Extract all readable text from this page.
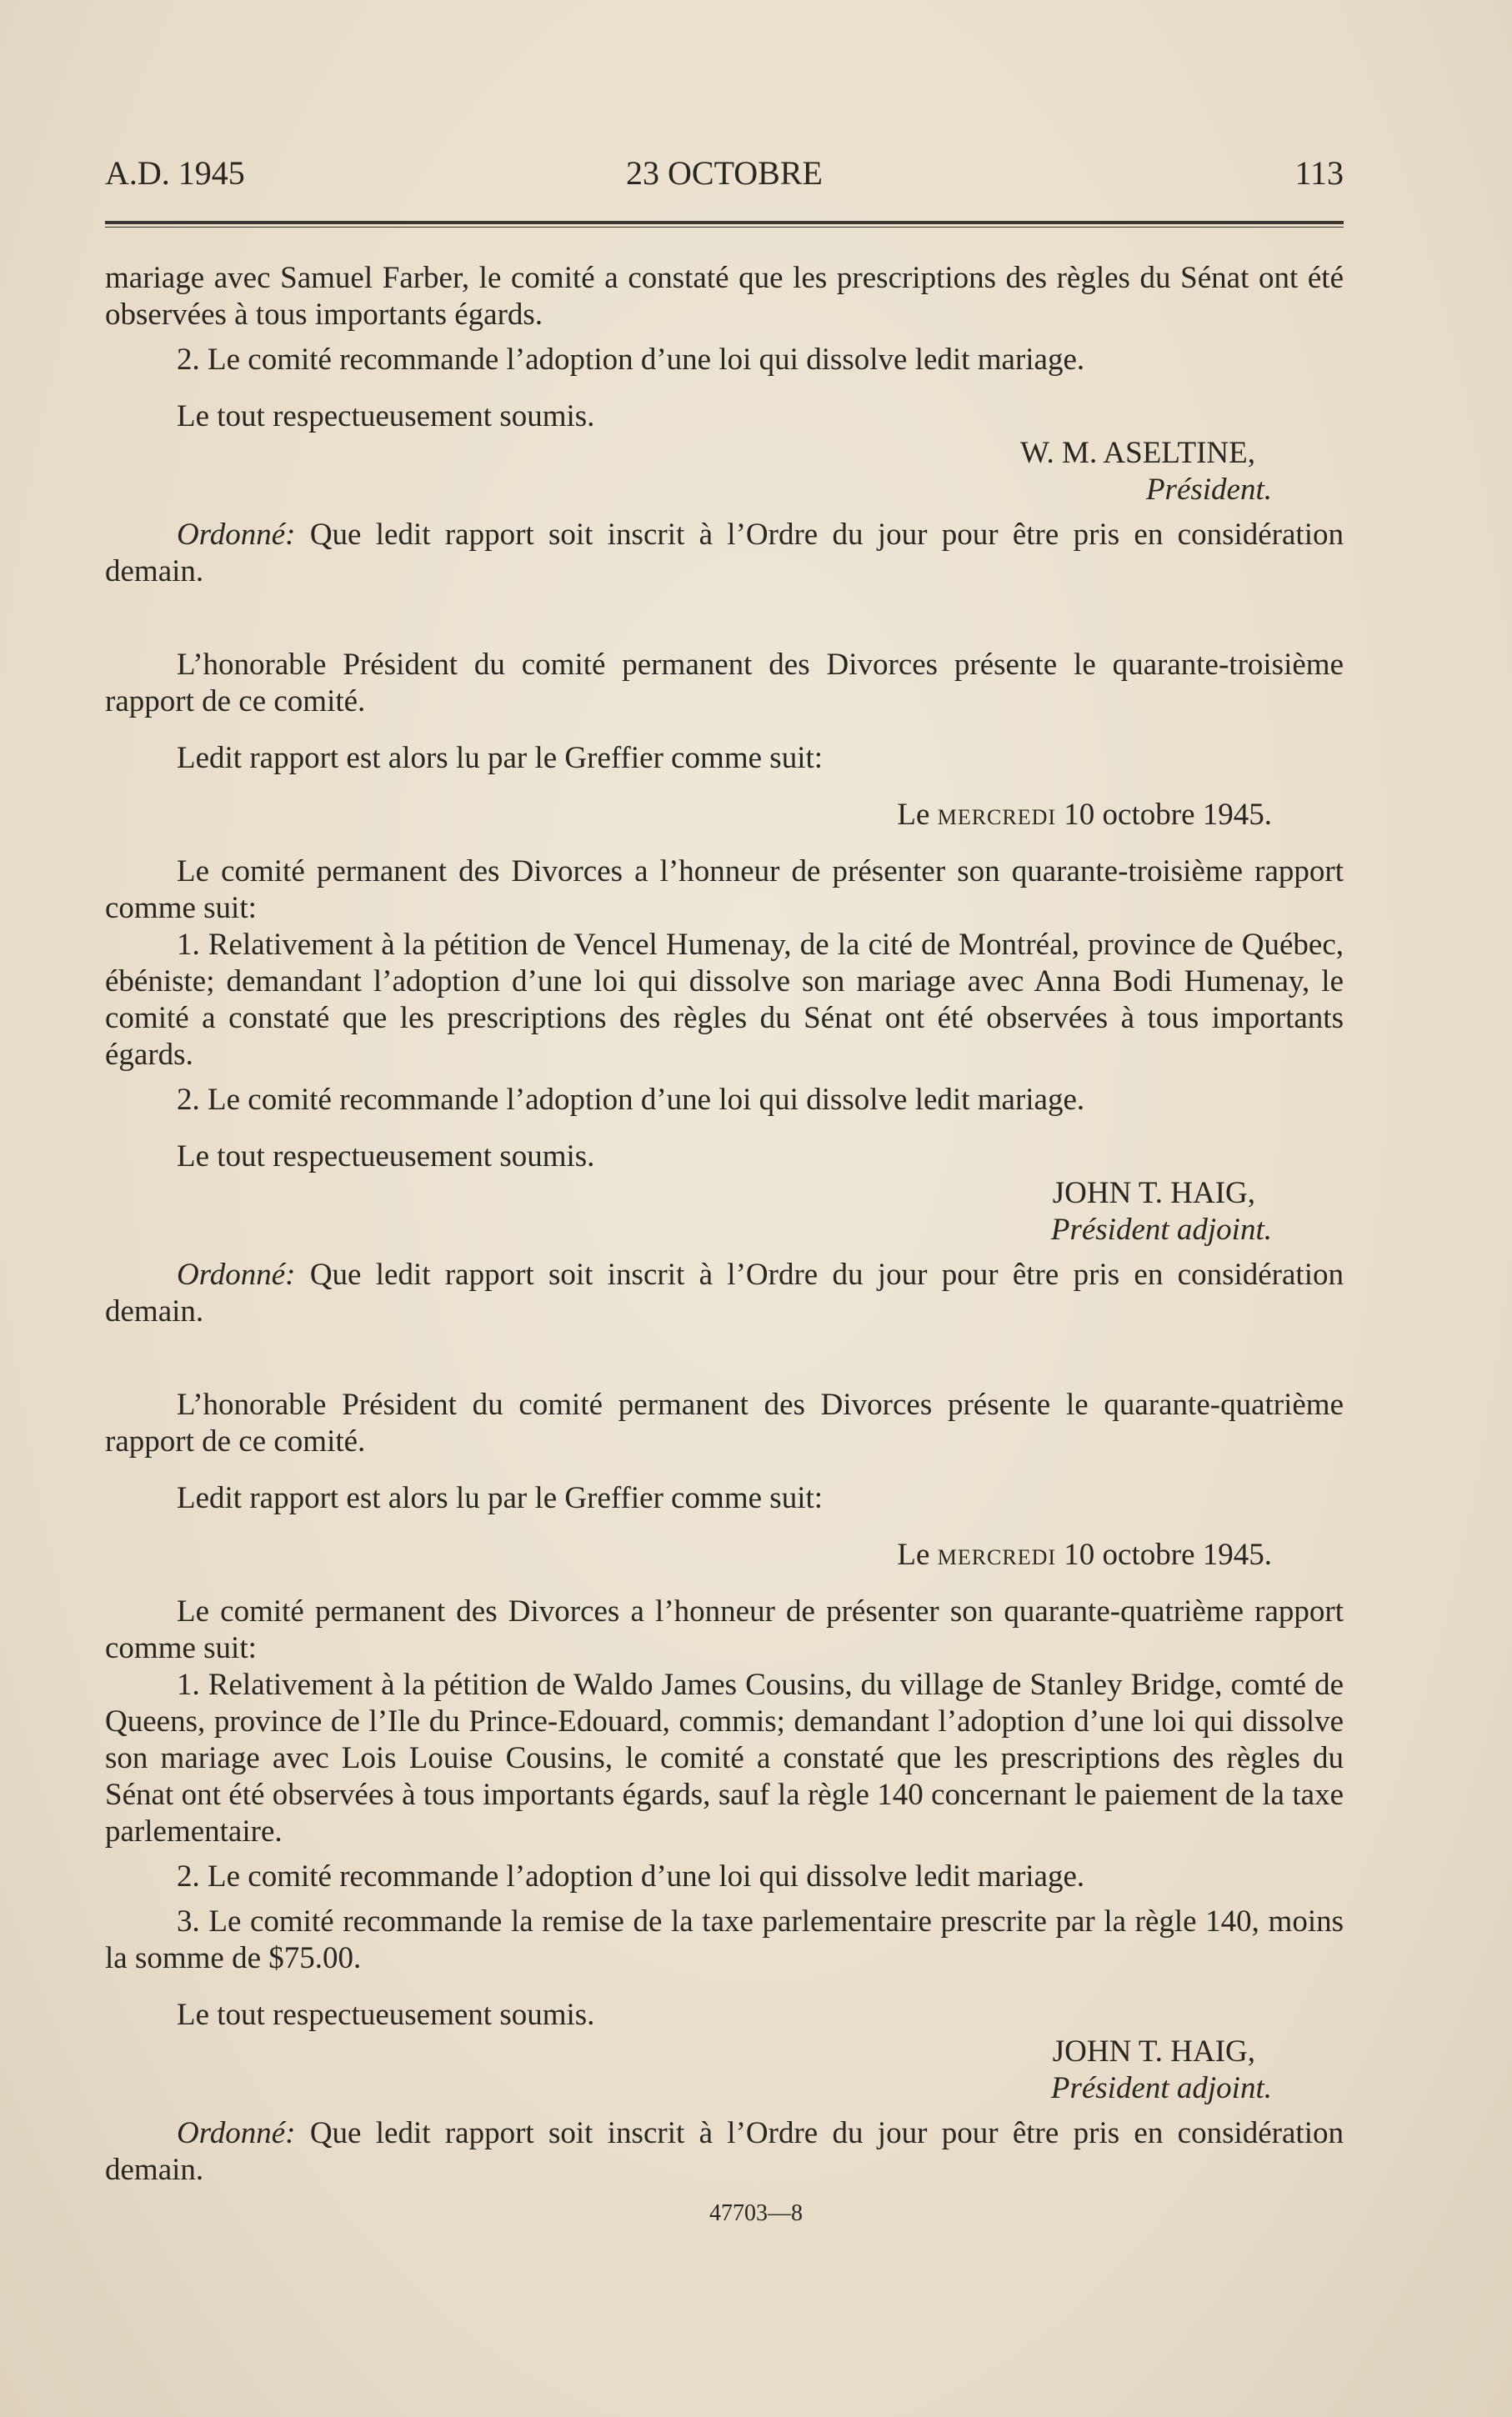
A.D. 1945	23 OCTOBRE	113

mariage avec Samuel Farber, le comité a constaté que les prescriptions des règles du Sénat ont été observées à tous importants égards.

2. Le comité recommande l’adoption d’une loi qui dissolve ledit mariage.

Le tout respectueusement soumis.

W. M. ASELTINE,

Président.

Ordonné: Que ledit rapport soit inscrit à l’Ordre du jour pour être pris en considération demain.

L’honorable Président du comité permanent des Divorces présente le quarante-troisième rapport de ce comité.

Ledit rapport est alors lu par le Greffier comme suit:

Le mercredi 10 octobre 1945.

Le comité permanent des Divorces a l’honneur de présenter son quarante-troisième rapport comme suit:

1. Relativement à la pétition de Vencel Humenay, de la cité de Montréal, province de Québec, ébéniste; demandant l’adoption d’une loi qui dissolve son mariage avec Anna Bodi Humenay, le comité a constaté que les prescriptions des règles du Sénat ont été observées à tous importants égards.

2. Le comité recommande l’adoption d’une loi qui dissolve ledit mariage.

Le tout respectueusement soumis.

JOHN T. HAIG,

Président adjoint.

Ordonné: Que ledit rapport soit inscrit à l’Ordre du jour pour être pris en considération demain.

L’honorable Président du comité permanent des Divorces présente le quarante-quatrième rapport de ce comité.

Ledit rapport est alors lu par le Greffier comme suit:

Le mercredi 10 octobre 1945.

Le comité permanent des Divorces a l’honneur de présenter son quarante-quatrième rapport comme suit:

1. Relativement à la pétition de Waldo James Cousins, du village de Stanley Bridge, comté de Queens, province de l’Ile du Prince-Edouard, commis; demandant l’adoption d’une loi qui dissolve son mariage avec Lois Louise Cousins, le comité a constaté que les prescriptions des règles du Sénat ont été observées à tous importants égards, sauf la règle 140 concernant le paiement de la taxe parlementaire.

2. Le comité recommande l’adoption d’une loi qui dissolve ledit mariage.

3. Le comité recommande la remise de la taxe parlementaire prescrite par la règle 140, moins la somme de $75.00.

Le tout respectueusement soumis.

JOHN T. HAIG,

Président adjoint.

Ordonné: Que ledit rapport soit inscrit à l’Ordre du jour pour être pris en considération demain.

47703—8
